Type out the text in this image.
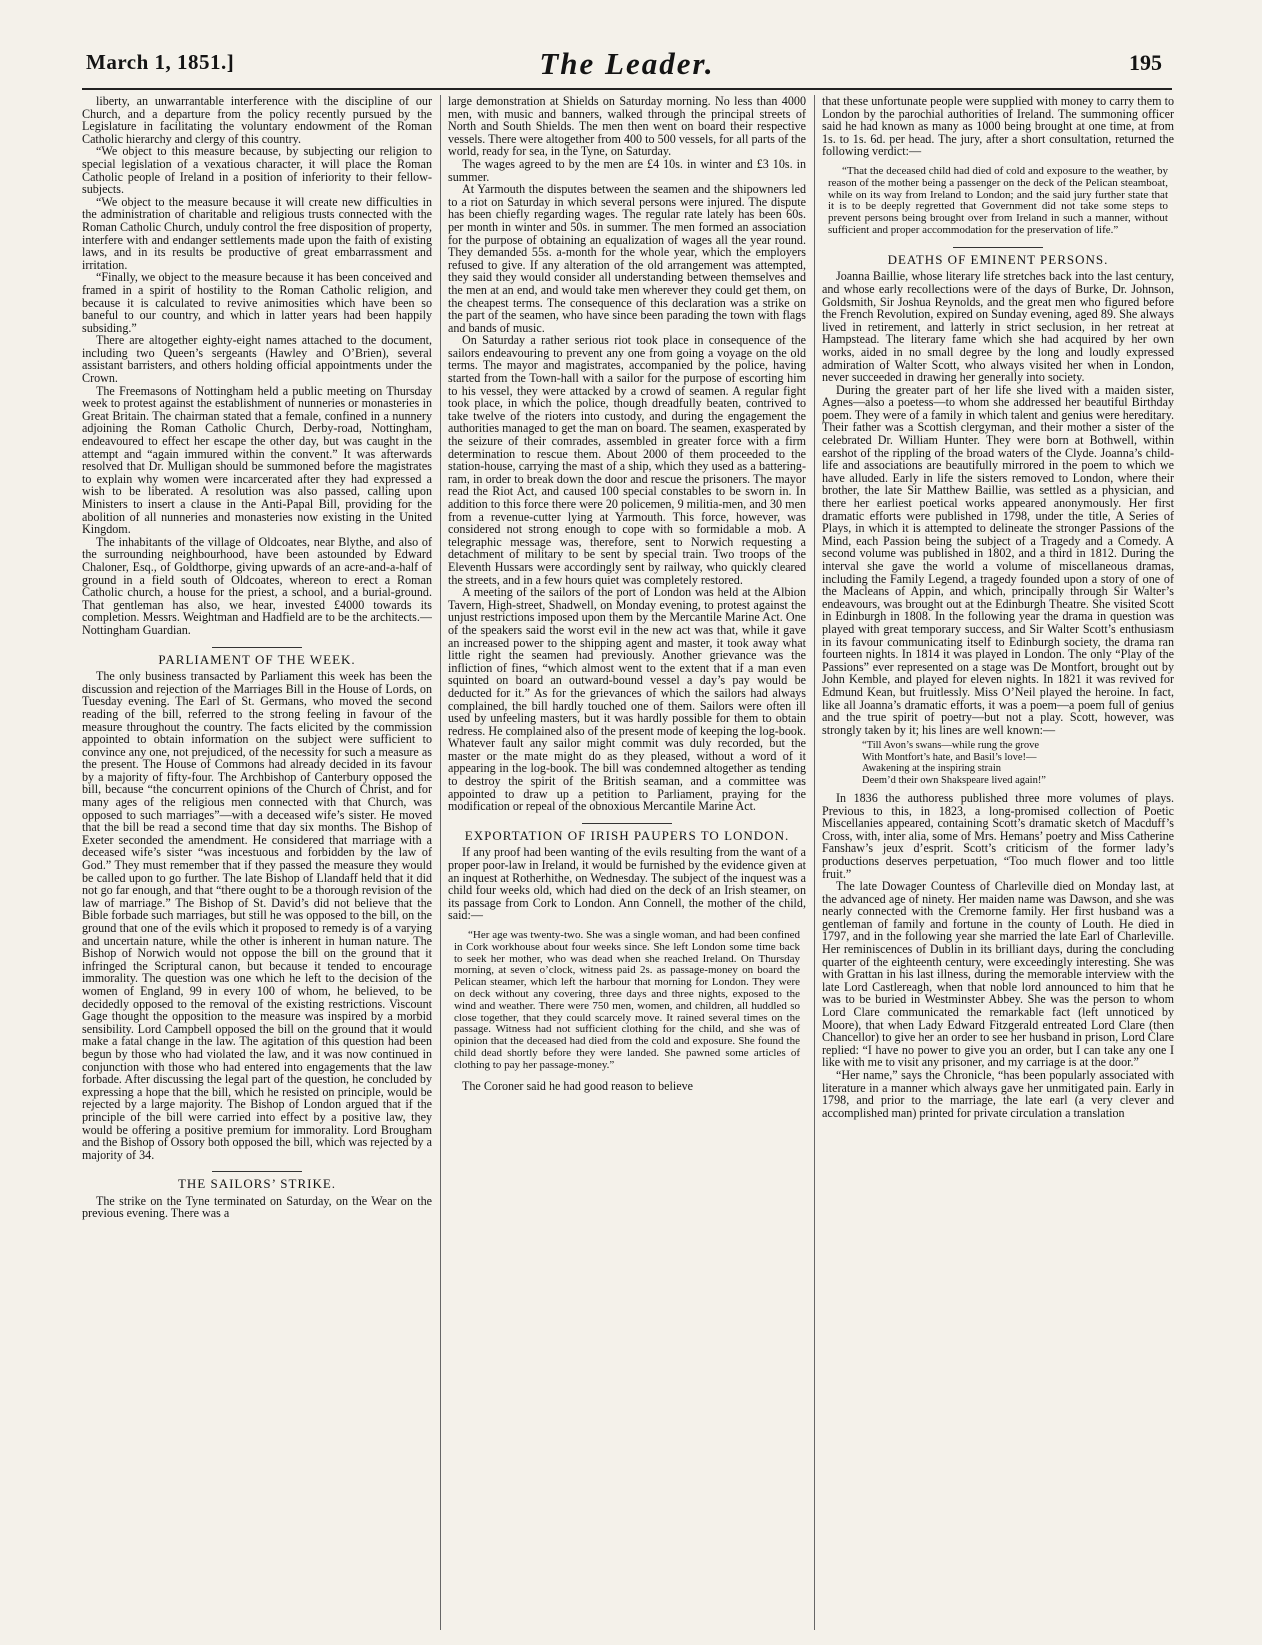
March 1, 1851.]	The Leader.	195

liberty, an unwarrantable interference with the discipline of our Church, and a departure from the policy recently pursued by the Legislature in facilitating the voluntary endowment of the Roman Catholic hierarchy and clergy of this country.

“We object to this measure because, by subjecting our religion to special legislation of a vexatious character, it will place the Roman Catholic people of Ireland in a position of inferiority to their fellow-subjects.

“We object to the measure because it will create new difficulties in the administration of charitable and religious trusts connected with the Roman Catholic Church, unduly control the free disposition of property, interfere with and endanger settlements made upon the faith of existing laws, and in its results be productive of great embarrassment and irritation.

“Finally, we object to the measure because it has been conceived and framed in a spirit of hostility to the Roman Catholic religion, and because it is calculated to revive animosities which have been so baneful to our country, and which in latter years had been happily subsiding.”

There are altogether eighty-eight names attached to the document, including two Queen’s sergeants (Hawley and O’Brien), several assistant barristers, and others holding official appointments under the Crown.

The Freemasons of Nottingham held a public meeting on Thursday week to protest against the establishment of nunneries or monasteries in Great Britain. The chairman stated that a female, confined in a nunnery adjoining the Roman Catholic Church, Derby-road, Nottingham, endeavoured to effect her escape the other day, but was caught in the attempt and “again immured within the convent.” It was afterwards resolved that Dr. Mulligan should be summoned before the magistrates to explain why women were incarcerated after they had expressed a wish to be liberated. A resolution was also passed, calling upon Ministers to insert a clause in the Anti-Papal Bill, providing for the abolition of all nunneries and monasteries now existing in the United Kingdom.

The inhabitants of the village of Oldcoates, near Blythe, and also of the surrounding neighbourhood, have been astounded by Edward Chaloner, Esq., of Goldthorpe, giving upwards of an acre-and-a-half of ground in a field south of Oldcoates, whereon to erect a Roman Catholic church, a house for the priest, a school, and a burial-ground. That gentleman has also, we hear, invested £4000 towards its completion. Messrs. Weightman and Hadfield are to be the architects.—Nottingham Guardian.

PARLIAMENT OF THE WEEK.

The only business transacted by Parliament this week has been the discussion and rejection of the Marriages Bill in the House of Lords, on Tuesday evening. The Earl of St. Germans, who moved the second reading of the bill, referred to the strong feeling in favour of the measure throughout the country. The facts elicited by the commission appointed to obtain information on the subject were sufficient to convince any one, not prejudiced, of the necessity for such a measure as the present. The House of Commons had already decided in its favour by a majority of fifty-four. The Archbishop of Canterbury opposed the bill, because “the concurrent opinions of the Church of Christ, and for many ages of the religious men connected with that Church, was opposed to such marriages”—with a deceased wife’s sister. He moved that the bill be read a second time that day six months. The Bishop of Exeter seconded the amendment. He considered that marriage with a deceased wife’s sister “was incestuous and forbidden by the law of God.” They must remember that if they passed the measure they would be called upon to go further. The late Bishop of Llandaff held that it did not go far enough, and that “there ought to be a thorough revision of the law of marriage.” The Bishop of St. David’s did not believe that the Bible forbade such marriages, but still he was opposed to the bill, on the ground that one of the evils which it proposed to remedy is of a varying and uncertain nature, while the other is inherent in human nature. The Bishop of Norwich would not oppose the bill on the ground that it infringed the Scriptural canon, but because it tended to encourage immorality. The question was one which he left to the decision of the women of England, 99 in every 100 of whom, he believed, to be decidedly opposed to the removal of the existing restrictions. Viscount Gage thought the opposition to the measure was inspired by a morbid sensibility. Lord Campbell opposed the bill on the ground that it would make a fatal change in the law. The agitation of this question had been begun by those who had violated the law, and it was now continued in conjunction with those who had entered into engagements that the law forbade. After discussing the legal part of the question, he concluded by expressing a hope that the bill, which he resisted on principle, would be rejected by a large majority. The Bishop of London argued that if the principle of the bill were carried into effect by a positive law, they would be offering a positive premium for immorality. Lord Brougham and the Bishop of Ossory both opposed the bill, which was rejected by a majority of 34.

THE SAILORS’ STRIKE.

The strike on the Tyne terminated on Saturday, on the Wear on the previous evening. There was a

large demonstration at Shields on Saturday morning. No less than 4000 men, with music and banners, walked through the principal streets of North and South Shields. The men then went on board their respective vessels. There were altogether from 400 to 500 vessels, for all parts of the world, ready for sea, in the Tyne, on Saturday.

The wages agreed to by the men are £4 10s. in winter and £3 10s. in summer.

At Yarmouth the disputes between the seamen and the shipowners led to a riot on Saturday in which several persons were injured. The dispute has been chiefly regarding wages. The regular rate lately has been 60s. per month in winter and 50s. in summer. The men formed an association for the purpose of obtaining an equalization of wages all the year round. They demanded 55s. a-month for the whole year, which the employers refused to give. If any alteration of the old arrangement was attempted, they said they would consider all understanding between themselves and the men at an end, and would take men wherever they could get them, on the cheapest terms. The consequence of this declaration was a strike on the part of the seamen, who have since been parading the town with flags and bands of music.

On Saturday a rather serious riot took place in consequence of the sailors endeavouring to prevent any one from going a voyage on the old terms. The mayor and magistrates, accompanied by the police, having started from the Town-hall with a sailor for the purpose of escorting him to his vessel, they were attacked by a crowd of seamen. A regular fight took place, in which the police, though dreadfully beaten, contrived to take twelve of the rioters into custody, and during the engagement the authorities managed to get the man on board. The seamen, exasperated by the seizure of their comrades, assembled in greater force with a firm determination to rescue them. About 2000 of them proceeded to the station-house, carrying the mast of a ship, which they used as a battering-ram, in order to break down the door and rescue the prisoners. The mayor read the Riot Act, and caused 100 special constables to be sworn in. In addition to this force there were 20 policemen, 9 militia-men, and 30 men from a revenue-cutter lying at Yarmouth. This force, however, was considered not strong enough to cope with so formidable a mob. A telegraphic message was, therefore, sent to Norwich requesting a detachment of military to be sent by special train. Two troops of the Eleventh Hussars were accordingly sent by railway, who quickly cleared the streets, and in a few hours quiet was completely restored.

A meeting of the sailors of the port of London was held at the Albion Tavern, High-street, Shadwell, on Monday evening, to protest against the unjust restrictions imposed upon them by the Mercantile Marine Act. One of the speakers said the worst evil in the new act was that, while it gave an increased power to the shipping agent and master, it took away what little right the seamen had previously. Another grievance was the infliction of fines, “which almost went to the extent that if a man even squinted on board an outward-bound vessel a day’s pay would be deducted for it.” As for the grievances of which the sailors had always complained, the bill hardly touched one of them. Sailors were often ill used by unfeeling masters, but it was hardly possible for them to obtain redress. He complained also of the present mode of keeping the log-book. Whatever fault any sailor might commit was duly recorded, but the master or the mate might do as they pleased, without a word of it appearing in the log-book. The bill was condemned altogether as tending to destroy the spirit of the British seaman, and a committee was appointed to draw up a petition to Parliament, praying for the modification or repeal of the obnoxious Mercantile Marine Act.

EXPORTATION OF IRISH PAUPERS TO LONDON.

If any proof had been wanting of the evils resulting from the want of a proper poor-law in Ireland, it would be furnished by the evidence given at an inquest at Rotherhithe, on Wednesday. The subject of the inquest was a child four weeks old, which had died on the deck of an Irish steamer, on its passage from Cork to London. Ann Connell, the mother of the child, said:—

“Her age was twenty-two. She was a single woman, and had been confined in Cork workhouse about four weeks since. She left London some time back to seek her mother, who was dead when she reached Ireland. On Thursday morning, at seven o’clock, witness paid 2s. as passage-money on board the Pelican steamer, which left the harbour that morning for London. They were on deck without any covering, three days and three nights, exposed to the wind and weather. There were 750 men, women, and children, all huddled so close together, that they could scarcely move. It rained several times on the passage. Witness had not sufficient clothing for the child, and she was of opinion that the deceased had died from the cold and exposure. She found the child dead shortly before they were landed. She pawned some articles of clothing to pay her passage-money.”

The Coroner said he had good reason to believe

that these unfortunate people were supplied with money to carry them to London by the parochial authorities of Ireland. The summoning officer said he had known as many as 1000 being brought at one time, at from 1s. to 1s. 6d. per head. The jury, after a short consultation, returned the following verdict:—

“That the deceased child had died of cold and exposure to the weather, by reason of the mother being a passenger on the deck of the Pelican steamboat, while on its way from Ireland to London; and the said jury further state that it is to be deeply regretted that Government did not take some steps to prevent persons being brought over from Ireland in such a manner, without sufficient and proper accommodation for the preservation of life.”

DEATHS OF EMINENT PERSONS.

Joanna Baillie, whose literary life stretches back into the last century, and whose early recollections were of the days of Burke, Dr. Johnson, Goldsmith, Sir Joshua Reynolds, and the great men who figured before the French Revolution, expired on Sunday evening, aged 89. She always lived in retirement, and latterly in strict seclusion, in her retreat at Hampstead. The literary fame which she had acquired by her own works, aided in no small degree by the long and loudly expressed admiration of Walter Scott, who always visited her when in London, never succeeded in drawing her generally into society.

During the greater part of her life she lived with a maiden sister, Agnes—also a poetess—to whom she addressed her beautiful Birthday poem. They were of a family in which talent and genius were hereditary. Their father was a Scottish clergyman, and their mother a sister of the celebrated Dr. William Hunter. They were born at Bothwell, within earshot of the rippling of the broad waters of the Clyde. Joanna’s child-life and associations are beautifully mirrored in the poem to which we have alluded. Early in life the sisters removed to London, where their brother, the late Sir Matthew Baillie, was settled as a physician, and there her earliest poetical works appeared anonymously. Her first dramatic efforts were published in 1798, under the title, A Series of Plays, in which it is attempted to delineate the stronger Passions of the Mind, each Passion being the subject of a Tragedy and a Comedy. A second volume was published in 1802, and a third in 1812. During the interval she gave the world a volume of miscellaneous dramas, including the Family Legend, a tragedy founded upon a story of one of the Macleans of Appin, and which, principally through Sir Walter’s endeavours, was brought out at the Edinburgh Theatre. She visited Scott in Edinburgh in 1808. In the following year the drama in question was played with great temporary success, and Sir Walter Scott’s enthusiasm in its favour communicating itself to Edinburgh society, the drama ran fourteen nights. In 1814 it was played in London. The only “Play of the Passions” ever represented on a stage was De Montfort, brought out by John Kemble, and played for eleven nights. In 1821 it was revived for Edmund Kean, but fruitlessly. Miss O’Neil played the heroine. In fact, like all Joanna’s dramatic efforts, it was a poem—a poem full of genius and the true spirit of poetry—but not a play. Scott, however, was strongly taken by it; his lines are well known:—

“Till Avon’s swans—while rung the grove
With Montfort’s hate, and Basil’s love!—
Awakening at the inspiring strain
Deem’d their own Shakspeare lived again!”

In 1836 the authoress published three more volumes of plays. Previous to this, in 1823, a long-promised collection of Poetic Miscellanies appeared, containing Scott’s dramatic sketch of Macduff’s Cross, with, inter alia, some of Mrs. Hemans’ poetry and Miss Catherine Fanshaw’s jeux d’esprit. Scott’s criticism of the former lady’s productions deserves perpetuation, “Too much flower and too little fruit.”

The late Dowager Countess of Charleville died on Monday last, at the advanced age of ninety. Her maiden name was Dawson, and she was nearly connected with the Cremorne family. Her first husband was a gentleman of family and fortune in the county of Louth. He died in 1797, and in the following year she married the late Earl of Charleville. Her reminiscences of Dublin in its brilliant days, during the concluding quarter of the eighteenth century, were exceedingly interesting. She was with Grattan in his last illness, during the memorable interview with the late Lord Castlereagh, when that noble lord announced to him that he was to be buried in Westminster Abbey. She was the person to whom Lord Clare communicated the remarkable fact (left unnoticed by Moore), that when Lady Edward Fitzgerald entreated Lord Clare (then Chancellor) to give her an order to see her husband in prison, Lord Clare replied: “I have no power to give you an order, but I can take any one I like with me to visit any prisoner, and my carriage is at the door.”

“Her name,” says the Chronicle, “has been popularly associated with literature in a manner which always gave her unmitigated pain. Early in 1798, and prior to the marriage, the late earl (a very clever and accomplished man) printed for private circulation a translation
